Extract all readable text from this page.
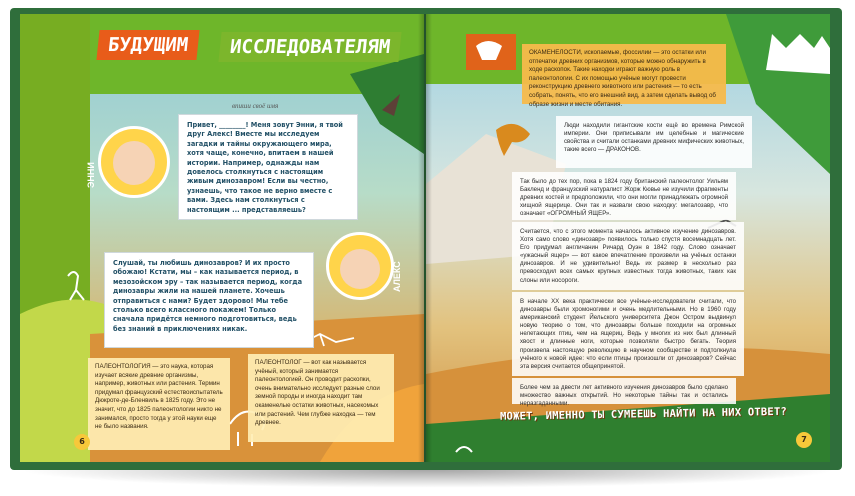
БУДУЩИМ	ИССЛЕДОВАТЕЛЯМ
впиши своё имя
ЭННИ
Привет, ________! Меня зовут Энни, я твой друг Алекс! Вместе мы исследуем загадки и тайны окружающего мира, хотя чаще, конечно, впитаем в нашей истории. Например, однажды нам довелось столкнуться с настоящим живым динозавром! Если вы честно, узнаешь, что такое не верно вместе с вами. Здесь нам столкнуться с настоящим ... представляешь?
АЛЕКС
Слушай, ты любишь динозавров? И их просто обожаю! Кстати, мы – как называется период, в мезозойском эру – так называется период, когда динозавры жили на нашей планете. Хочешь отправиться с нами? Будет здорово! Мы тебе столько всего классного покажем! Только сначала придётся немного подготовиться, ведь без знаний в приключениях никак.
ПАЛЕОНТОЛОГИЯ — это наука, которая изучает всякие древние организмы, например, животных или растения. Термин придумал французский естествоиспытатель Дюкроте-де-Бленвиль в 1825 году. Это не значит, что до 1825 палеонтологии никто не занимался, просто тогда у этой науки еще не было названия.
ПАЛЕОНТОЛОГ — вот как называется учёный, который занимается палеонтологией. Он проводит раскопки, очень внимательно исследует разные слои земной породы и иногда находит там окаменелые остатки животных, насекомых или растений. Чем глубже находка — тем древнее.
6
ОКАМЕНЕЛОСТИ, ископаемые, фоссилии — это остатки или отпечатки древних организмов, которые можно обнаружить в ходе раскопок. Такие находки играют важную роль в палеонтологии. С их помощью учёные могут провести реконструкцию древнего животного или растения — то есть собрать, понять, что его внешний вид, а затем сделать вывод об образе жизни и месте обитания.
Люди находили гигантские кости ещё во времена Римской империи. Они приписывали им целебные и магические свойства и считали останками древних мифических животных, такие всего — ДРАКОНОВ.
Так было до тех пор, пока в 1824 году британский палеонтолог Уильям Бакленд и французский натуралист Жорж Кювье не изучили фрагменты древних костей и предположили, что они могли принадлежать огромной хищной ящерице. Они так и назвали свою находку: мегалозавр, что означает «ОГРОМНЫЙ ЯЩЕР».
Считается, что с этого момента началось активное изучение динозавров. Хотя само слово «динозавр» появилось только спустя восемнадцать лет. Его придумал англичанин Ричард Оуэн в 1842 году. Слово означает «ужасный ящер» — вот какое впечатление произвели на учёных останки динозавров. И не удивительно! Ведь их размер в несколько раз превосходил всех самых крупных известных тогда животных, таких как слоны или носороги.
В начале XX века практически все учёные-исследователи считали, что динозавры были хромоногими и очень медлительными. Но в 1960 году американский студент Йельского университета Джон Остром выдвинул новую теорию о том, что динозавры больше походили на огромных нелетающих птиц, чем на ящериц. Ведь у многих из них был длинный хвост и длинные ноги, которые позволяли быстро бегать. Теория произвела настоящую революцию в научном сообществе и подтолкнула учёного к новой идее: что если птицы произошли от динозавров? Сейчас эта версия считается общепринятой.
Более чем за двести лет активного изучения динозавров было сделано множество важных открытий. Но некоторые тайны так и остались неразгаданными.
МОЖЕТ, ИМЕННО ТЫ СУМЕЕШЬ НАЙТИ НА НИХ ОТВЕТ?
7
